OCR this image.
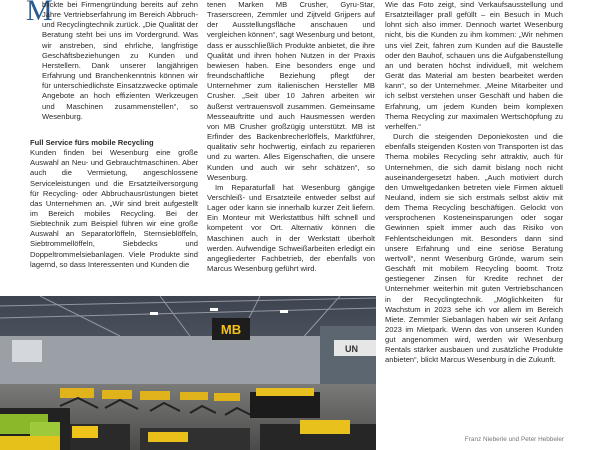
M

blickte bei Firmengründung bereits auf zehn Jahre Vertriebserfahrung im Bereich Abbruch- und Recyclingtechnik zurück. „Die Qualität der Beratung steht bei uns im Vordergrund. Was wir anstreben, sind ehrliche, langfristige Geschäftsbeziehungen zu Kunden und Herstellern. Dank unserer langjährigen Erfahrung und Branchenkenntnis können wir für unterschiedlichste Einsatzzwecke optimale Angebote an hoch effizienten Werkzeugen und Maschinen zusammenstellen“, so Wesenburg.

Full Service fürs mobile Recycling

Kunden finden bei Wesenburg eine große Auswahl an Neu- und Gebrauchtmaschinen. Aber auch die Vermietung, angeschlossene Serviceleistungen und die Ersatzteilversorgung für Recycling- oder Abbruchausrüstungen bietet das Unternehmen an. „Wir sind breit aufgestellt im Bereich mobiles Recycling. Bei der Siebtechnik zum Beispiel führen wir eine große Auswahl an Separatorlöffeln, Sternsieblöffeln, Siebtrommellöffeln, Siebdecks und Doppeltrommelsiebanlagen. Viele Produkte sind lagernd, so dass Interessenten und Kunden die

tenen Marken MB Crusher, Gyru-Star, Traserscreen, Zemmler und Zijtveld Grijpers auf der Ausstellungsfläche anschauen und vergleichen können“, sagt Wesenburg und betont, dass er ausschließlich Produkte anbietet, die ihre Qualität und ihren hohen Nutzen in der Praxis bewiesen haben. Eine besonders enge und freundschaftliche Beziehung pflegt der Unternehmer zum italienischen Hersteller MB Crusher. „Seit über 10 Jahren arbeiten wir äußerst vertrauensvoll zusammen. Gemeinsame Messeauftritte und auch Hausmessen werden von MB Crusher großzügig unterstützt. MB ist Erfinder des Backenbrecherlöffels, Marktführer, qualitativ sehr hochwertig, einfach zu reparieren und zu warten. Alles Eigenschaften, die unsere Kunden und auch wir sehr schätzen“, so Wesenburg.

Im Reparaturfall hat Wesenburg gängige Verschleiß- und Ersatzteile entweder selbst auf Lager oder kann sie innerhalb kurzer Zeit liefern. Ein Monteur mit Werkstattbus hilft schnell und kompetent vor Ort. Alternativ können die Maschinen auch in der Werkstatt überholt werden. Aufwendige Schweißarbeiten erledigt ein angegliederter Fachbetrieb, der ebenfalls von Marcus Wesenburg geführt wird.

Wie das Foto zeigt, sind Verkaufsausstellung und Ersatzteillager prall gefüllt – ein Besuch in Much lohnt sich also immer. Dennoch wartet Wesenburg nicht, bis die Kunden zu ihm kommen: „Wir nehmen uns viel Zeit, fahren zum Kunden auf die Baustelle oder den Bauhof, schauen uns die Aufgabenstellung an und beraten höchst individuell, mit welchem Gerät das Material am besten bearbeitet werden kann“, so der Unternehmer. „Meine Mitarbeiter und ich selbst verstehen unser Geschäft und haben die Erfahrung, um jedem Kunden beim komplexen Thema Recycling zur maximalen Wertschöpfung zu verhelfen.“

Durch die steigenden Deponiekosten und die ebenfalls steigenden Kosten von Transporten ist das Thema mobiles Recycling sehr attraktiv, auch für Unternehmen, die sich damit bislang noch nicht auseinandergesetzt haben. „Auch motiviert durch den Umweltgedanken betreten viele Firmen aktuell Neuland, indem sie sich erstmals selbst aktiv mit dem Thema Recycling beschäftigen. Gelockt von versprochenen Kosteneinsparungen oder sogar Gewinnen spielt immer auch das Risiko von Fehlentscheidungen mit. Besonders dann sind unsere Erfahrung und eine seriöse Beratung wertvoll“, nennt Wesenburg Gründe, warum sein Geschäft mit mobilem Recycling boomt. Trotz gestiegener Zinsen für Kredite rechnet der Unternehmer weiterhin mit guten Vertriebschancen in der Recyclingtechnik. „Möglichkeiten für Wachstum in 2023 sehe ich vor allem im Bereich Miete. Zemmler Siebanlagen haben wir seit Anfang 2023 im Mietpark. Wenn das von unseren Kunden gut angenommen wird, werden wir Wesenburg Rentals stärker ausbauen und zusätzliche Produkte anbieten“, blickt Marcus Wesenburg in die Zukunft.

MB
UN
Franz Nieberle und Peter Hebbeler
